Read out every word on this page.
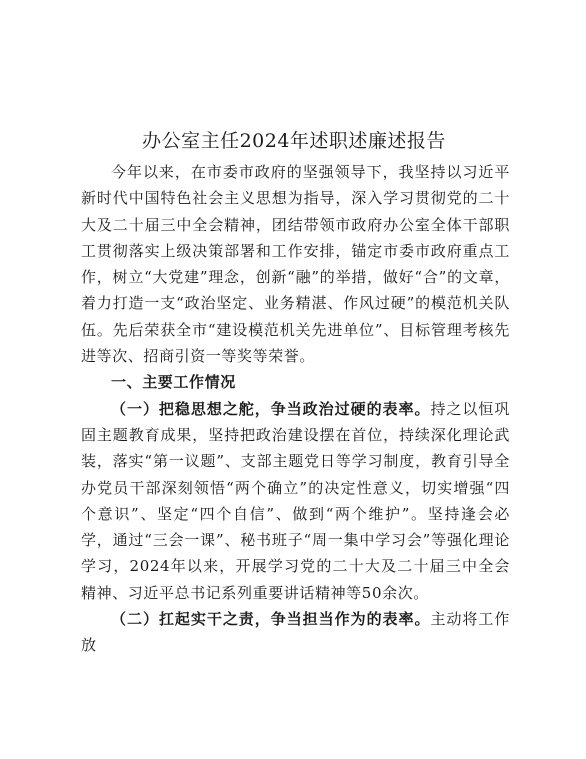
办公室主任2024年述职述廉述报告

今年以来，在市委市政府的坚强领导下，我坚持以习近平新时代中国特色社会主义思想为指导，深入学习贯彻党的二十大及二十届三中全会精神，团结带领市政府办公室全体干部职工贯彻落实上级决策部署和工作安排，锚定市委市政府重点工作，树立“大党建”理念，创新“融”的举措，做好“合”的文章，着力打造一支“政治坚定、业务精湛、作风过硬”的模范机关队伍。先后荣获全市“建设模范机关先进单位”、目标管理考核先进等次、招商引资一等奖等荣誉。

一、主要工作情况

（一）把稳思想之舵，争当政治过硬的表率。持之以恒巩固主题教育成果，坚持把政治建设摆在首位，持续深化理论武装，落实“第一议题”、支部主题党日等学习制度，教育引导全办党员干部深刻领悟“两个确立”的决定性意义，切实增强“四个意识”、坚定“四个自信”、做到“两个维护”。坚持逢会必学，通过“三会一课”、秘书班子“周一集中学习会”等强化理论学习，2024年以来，开展学习党的二十大及二十届三中全会精神、习近平总书记系列重要讲话精神等50余次。

（二）扛起实干之责，争当担当作为的表率。主动将工作放
